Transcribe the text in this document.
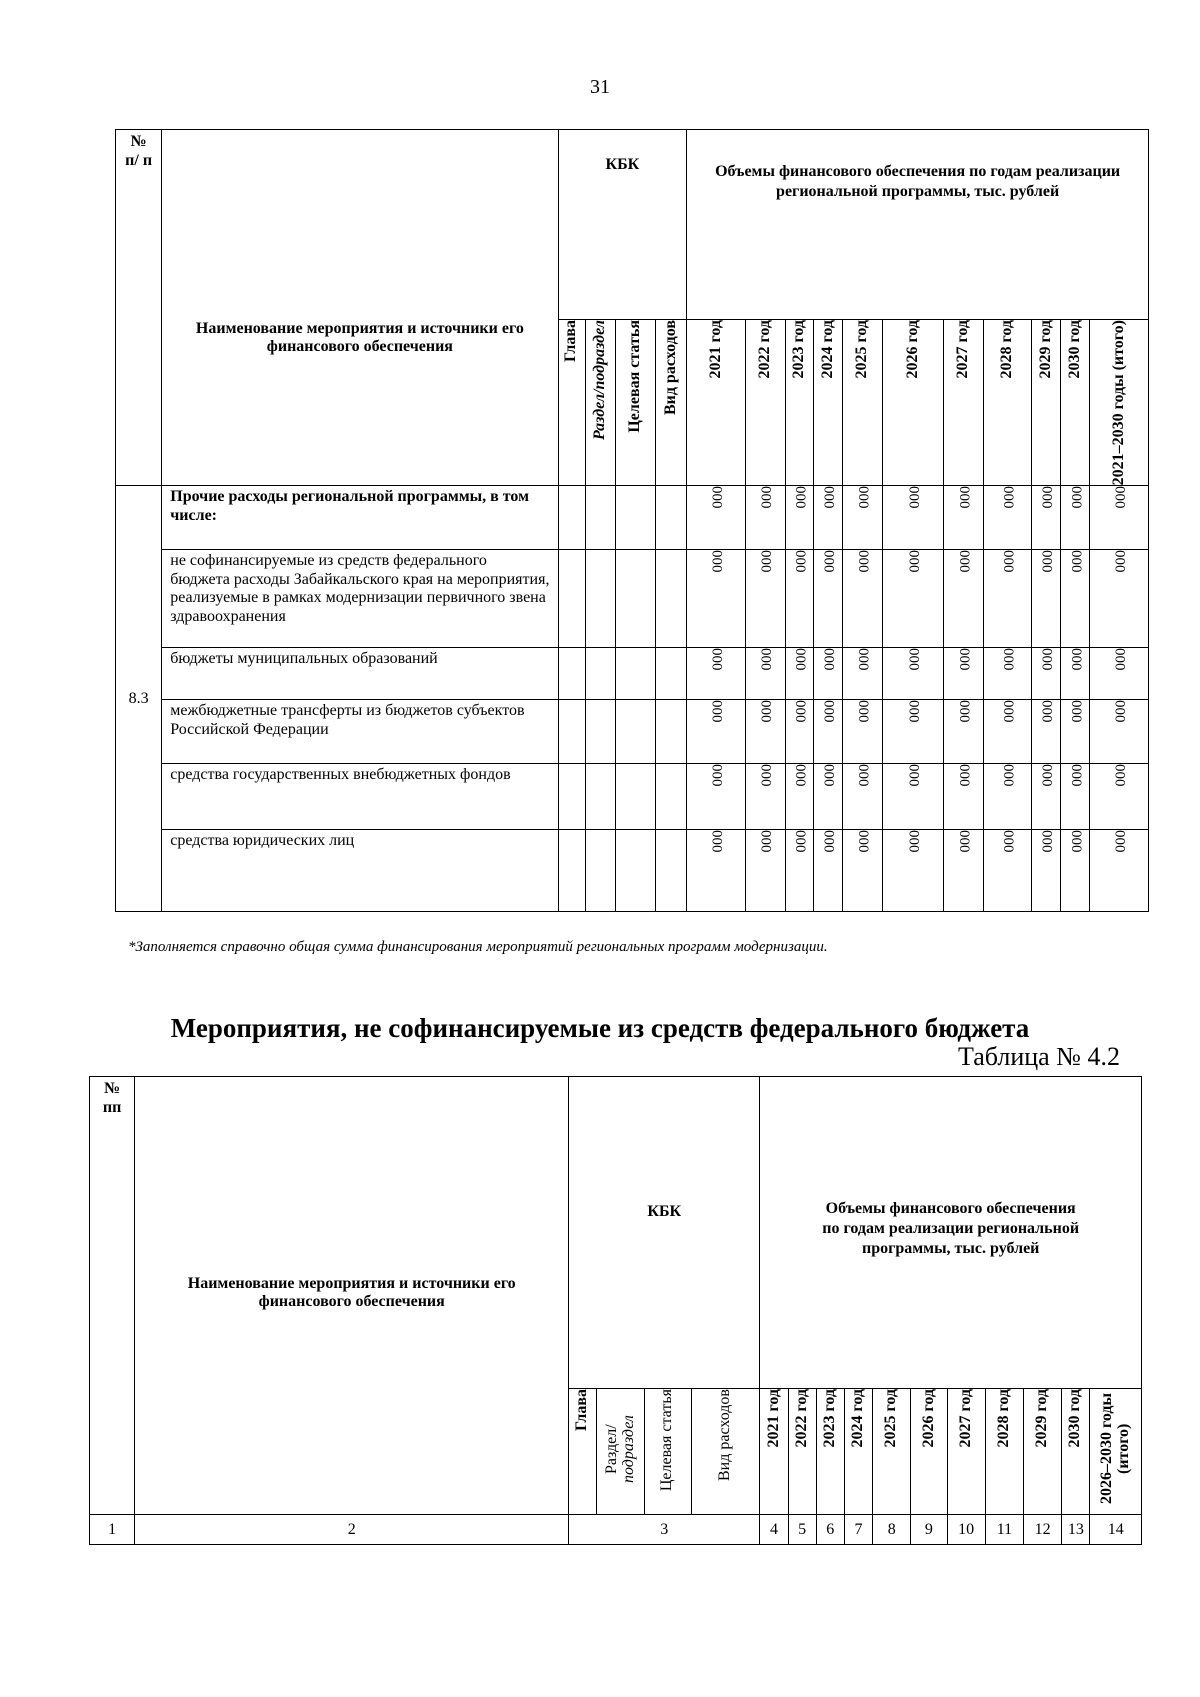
31
№ п/ п	Наименование мероприятия и источники его финансового обеспечения	КБК				Объемы финансового обеспечения по годам реализации региональной программы, тыс. рублей										

		Глава	Раздел/подраздел	Целевая статья	Вид расходов	2021 год	2022 год	2023 год	2024 год	2025 год	2026 год	2027 год	2028 год	2029 год	2030 год	2021–2030 годы (итого)

8.3	Прочие расходы региональной программы, в том числе:					000	000	000	000	000	000	000	000	000	000	000

	не софинансируемые из средств федерального бюджета расходы Забайкальского края на мероприятия, реализуемые в рамках модернизации первичного звена здравоохранения					000	000	000	000	000	000	000	000	000	000	000

	бюджеты муниципальных образований					000	000	000	000	000	000	000	000	000	000	000

	межбюджетные трансферты из бюджетов субъектов Российской Федерации					000	000	000	000	000	000	000	000	000	000	000

	средства государственных внебюджетных фондов					000	000	000	000	000	000	000	000	000	000	000

	средства юридических лиц					000	000	000	000	000	000	000	000	000	000	000
*Заполняется справочно общая сумма финансирования мероприятий региональных программ модернизации.
Мероприятия, не софинансируемые из средств федерального бюджета
Таблица № 4.2
№ пп	Наименование мероприятия и источники его финансового обеспечения	КБК				Объемы финансового обеспечения по годам реализации региональной программы, тыс. рублей										

		Глава	Раздел/ подраздел	Целевая статья	Вид расходов	2021 год	2022 год	2023 год	2024 год	2025 год	2026 год	2027 год	2028 год	2029 год	2030 год	2026–2030 годы (итого)

1	2	3				4	5	6	7	8	9	10	11	12	13	14
